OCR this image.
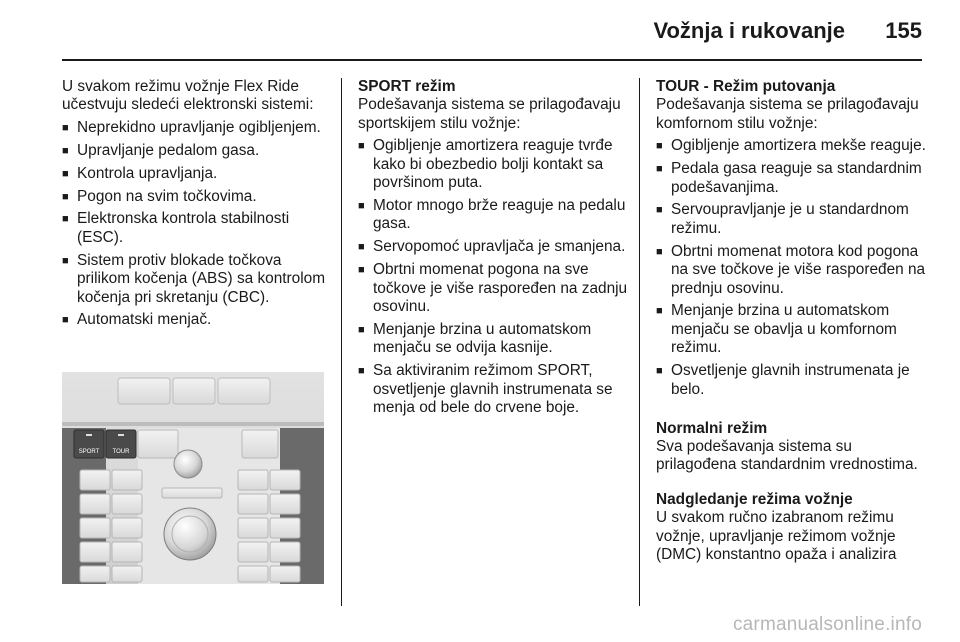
Vožnja i rukovanje 155

U svakom režimu vožnje Flex Ride učestvuju sledeći elektronski sistemi:

■ Neprekidno upravljanje ogibljenjem.
■ Upravljanje pedalom gasa.
■ Kontrola upravljanja.
■ Pogon na svim točkovima.
■ Elektronska kontrola stabilnosti (ESC).
■ Sistem protiv blokade točkova prilikom kočenja (ABS) sa kontrolom kočenja pri skretanju (CBC).
■ Automatski menjač.
SPORT TOUR

SPORT režim

Podešavanja sistema se prilagođavaju sportskijem stilu vožnje:

■ Ogibljenje amortizera reaguje tvrđe kako bi obezbedio bolji kontakt sa površinom puta.
■ Motor mnogo brže reaguje na pedalu gasa.
■ Servopomoć upravljača je smanjena.
■ Obrtni momenat pogona na sve točkove je više raspoređen na zadnju osovinu.
■ Menjanje brzina u automatskom menjaču se odvija kasnije.
■ Sa aktiviranim režimom SPORT, osvetljenje glavnih instrumenata se menja od bele do crvene boje.

TOUR - Režim putovanja

Podešavanja sistema se prilagođavaju komfornom stilu vožnje:

■ Ogibljenje amortizera mekše reaguje.
■ Pedala gasa reaguje sa standardnim podešavanjima.
■ Servoupravljanje je u standardnom režimu.
■ Obrtni momenat motora kod pogona na sve točkove je više raspoređen na prednju osovinu.
■ Menjanje brzina u automatskom menjaču se obavlja u komfornom režimu.
■ Osvetljenje glavnih instrumenata je belo.

Normalni režim

Sva podešavanja sistema su prilagođena standardnim vrednostima.

Nadgledanje režima vožnje

U svakom ručno izabranom režimu vožnje, upravljanje režimom vožnje (DMC) konstantno opaža i analizira

carmanualsonline.info
